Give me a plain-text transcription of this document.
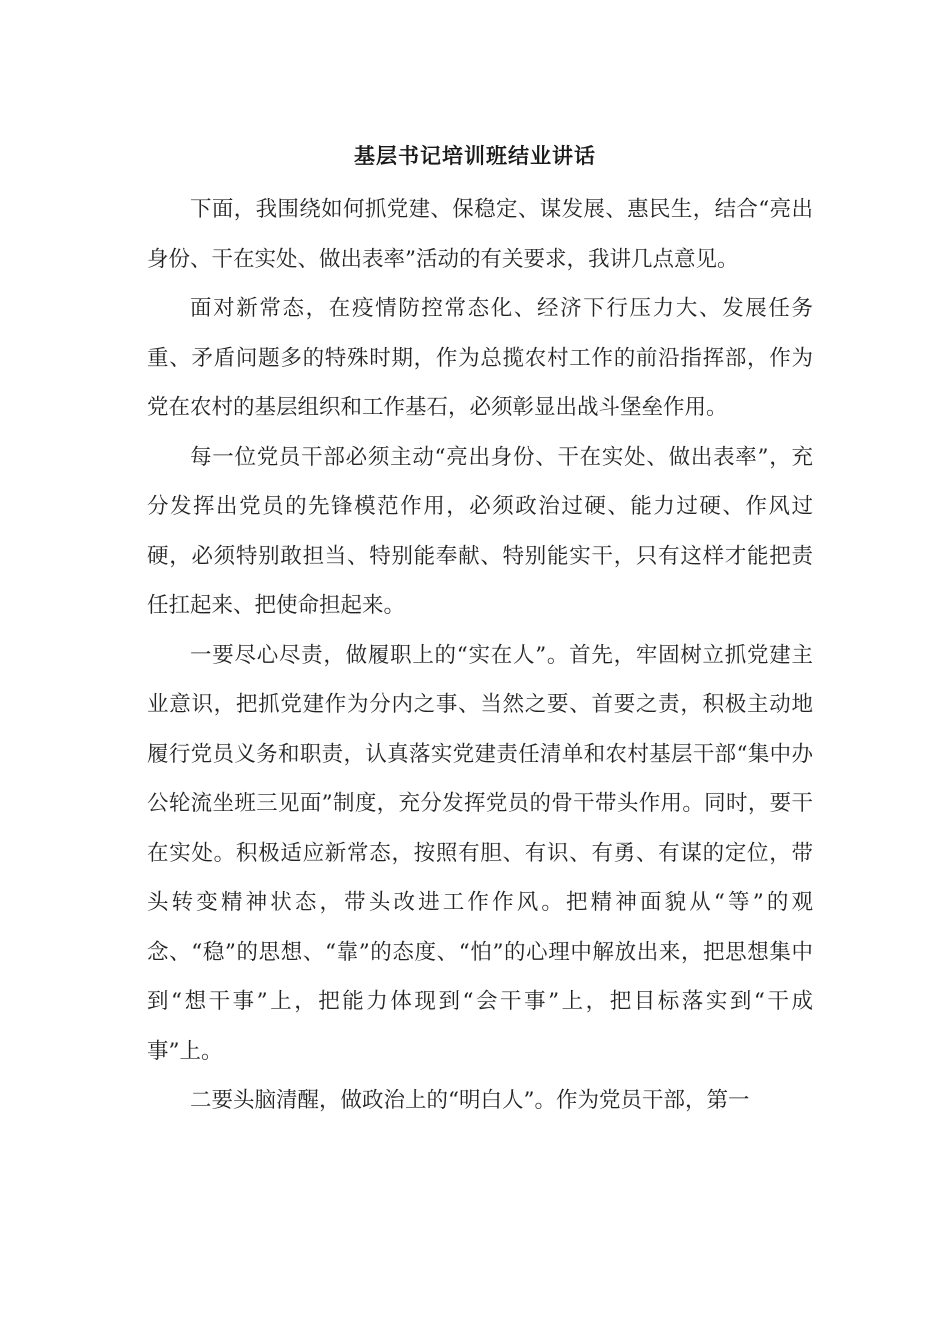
基层书记培训班结业讲话

下面，我围绕如何抓党建、保稳定、谋发展、惠民生，结合“亮出身份、干在实处、做出表率”活动的有关要求，我讲几点意见。

面对新常态，在疫情防控常态化、经济下行压力大、发展任务重、矛盾问题多的特殊时期，作为总揽农村工作的前沿指挥部，作为党在农村的基层组织和工作基石，必须彰显出战斗堡垒作用。

每一位党员干部必须主动“亮出身份、干在实处、做出表率”，充分发挥出党员的先锋模范作用，必须政治过硬、能力过硬、作风过硬，必须特别敢担当、特别能奉献、特别能实干，只有这样才能把责任扛起来、把使命担起来。

一要尽心尽责，做履职上的“实在人”。首先，牢固树立抓党建主业意识，把抓党建作为分内之事、当然之要、首要之责，积极主动地履行党员义务和职责，认真落实党建责任清单和农村基层干部“集中办公轮流坐班三见面”制度，充分发挥党员的骨干带头作用。同时，要干在实处。积极适应新常态，按照有胆、有识、有勇、有谋的定位，带头转变精神状态，带头改进工作作风。把精神面貌从“等”的观念、“稳”的思想、“靠”的态度、“怕”的心理中解放出来，把思想集中到“想干事”上，把能力体现到“会干事”上，把目标落实到“干成事”上。

二要头脑清醒，做政治上的“明白人”。作为党员干部，第一
